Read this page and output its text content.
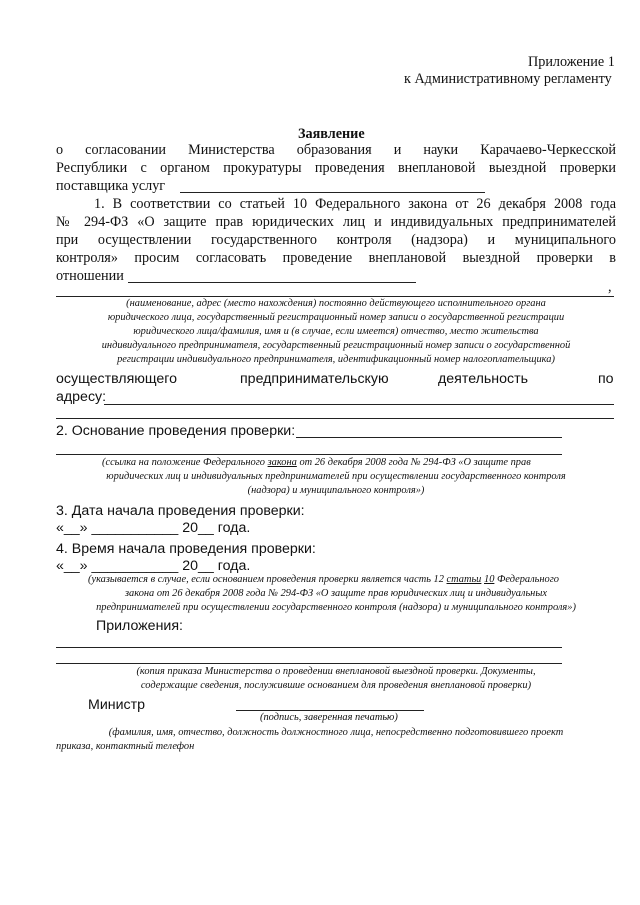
Приложение 1
к Административному регламенту
Заявление
о согласовании Министерства образования и науки Карачаево-Черкесской
Республики с органом прокуратуры проведения внеплановой выездной проверки
поставщика услуг
1. В соответствии со статьей 10 Федерального закона от 26 декабря 2008 года
№ 294-ФЗ «О защите прав юридических лиц и индивидуальных предпринимателей
при осуществлении государственного контроля (надзора) и муниципального
контроля» просим согласовать проведение внеплановой выездной проверки в
отношении
,
(наименование, адрес (место нахождения) постоянно действующего исполнительного органа
юридического лица, государственный регистрационный номер записи о государственной регистрации
юридического лица/фамилия, имя и (в случае, если имеется) отчество, место жительства
индивидуального предпринимателя, государственный регистрационный номер записи о государственной
регистрации индивидуального предпринимателя, идентификационный номер налогоплательщика)
осуществляющего	предпринимательскую	деятельность	по
адресу:
2. Основание проведения проверки:
(ссылка на положение Федерального закона от 26 декабря 2008 года № 294-ФЗ «О защите прав
юридических лиц и индивидуальных предпринимателей при осуществлении государственного контроля
(надзора) и муниципального контроля»)
3. Дата начала проведения проверки:
«__» ___________ 20__ года.
4. Время начала проведения проверки:
«__» ___________ 20__ года.
(указывается в случае, если основанием проведения проверки является часть 12 статьи 10 Федерального
закона от 26 декабря 2008 года № 294-ФЗ «О защите прав юридических лиц и индивидуальных
предпринимателей при осуществлении государственного контроля (надзора) и муниципального контроля»)
Приложения:
(копия приказа Министерства о проведении внеплановой выездной проверки. Документы,
содержащие сведения, послужившие основанием для проведения внеплановой проверки)
Министр
(подпись, заверенная печатью)
(фамилия, имя, отчество, должность должностного лица, непосредственно подготовившего проект
приказа, контактный телефон
